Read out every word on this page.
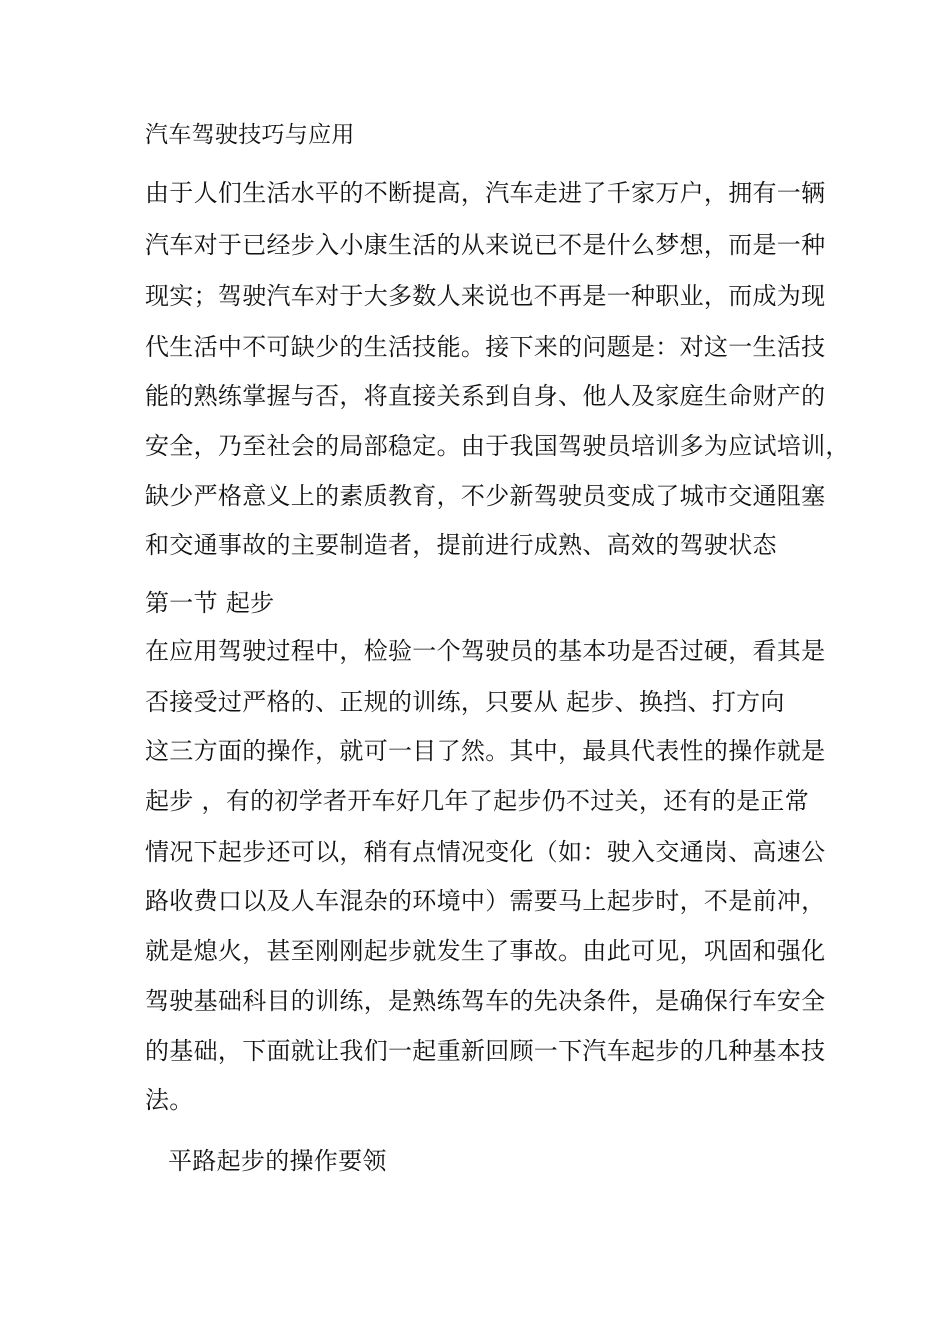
汽车驾驶技巧与应用
由于人们生活水平的不断提高，汽车走进了千家万户，拥有一辆
汽车对于已经步入小康生活的从来说已不是什么梦想，而是一种
现实；驾驶汽车对于大多数人来说也不再是一种职业，而成为现
代生活中不可缺少的生活技能。接下来的问题是：对这一生活技
能的熟练掌握与否，将直接关系到自身、他人及家庭生命财产的
安全，乃至社会的局部稳定。由于我国驾驶员培训多为应试培训，
缺少严格意义上的素质教育，不少新驾驶员变成了城市交通阻塞
和交通事故的主要制造者，提前进行成熟、高效的驾驶状态
第一节 起步
在应用驾驶过程中，检验一个驾驶员的基本功是否过硬，看其是
否接受过严格的、正规的训练，只要从 起步、换挡、打方向
这三方面的操作，就可一目了然。其中，最具代表性的操作就是
起步 ，有的初学者开车好几年了起步仍不过关，还有的是正常
情况下起步还可以，稍有点情况变化（如：驶入交通岗、高速公
路收费口以及人车混杂的环境中）需要马上起步时，不是前冲，
就是熄火，甚至刚刚起步就发生了事故。由此可见，巩固和强化
驾驶基础科目的训练，是熟练驾车的先决条件，是确保行车安全
的基础，下面就让我们一起重新回顾一下汽车起步的几种基本技
法。
平路起步的操作要领
